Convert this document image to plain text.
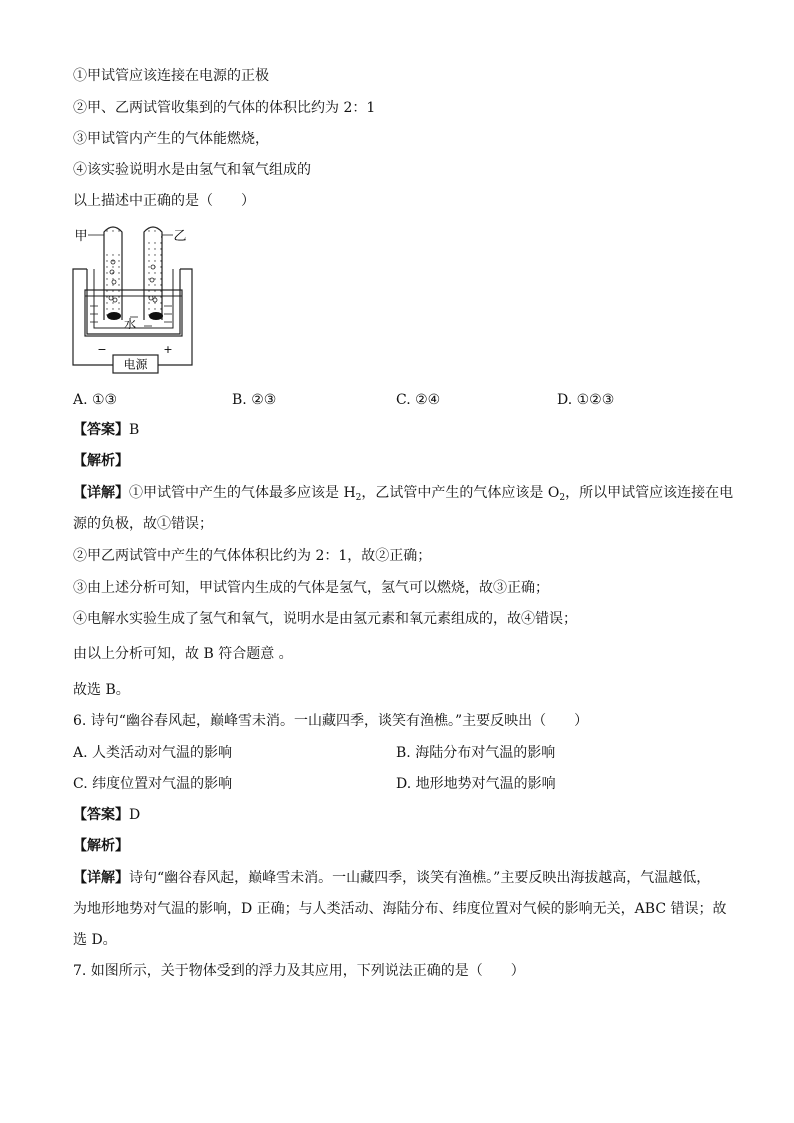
①甲试管应该连接在电源的正极
②甲、乙两试管收集到的气体的体积比约为 2：1
③甲试管内产生的气体能燃烧，
④该实验说明水是由氢气和氧气组成的
以上描述中正确的是（　　）
电源
−	+
水
甲	乙
A. ①③	B. ②③	C. ②④	D. ①②③
【答案】B
【解析】
【详解】①甲试管中产生的气体最多应该是 $H_2$，乙试管中产生的气体应该是 $O_2$，所以甲试管应该连接在电
源的负极，故①错误；
②甲乙两试管中产生的气体体积比约为 2：1，故②正确；
③由上述分析可知，甲试管内生成的气体是氢气，氢气可以燃烧，故③正确；
④电解水实验生成了氢气和氧气，说明水是由氢元素和氧元素组成的，故④错误；
由以上分析可知，故 B 符合题意 。
故选 B。
6. 诗句“幽谷春风起，巅峰雪未消。一山藏四季，谈笑有渔樵。”主要反映出（　　）
A. 人类活动对气温的影响	B. 海陆分布对气温的影响
C. 纬度位置对气温的影响	D. 地形地势对气温的影响
【答案】D
【解析】
【详解】诗句“幽谷春风起，巅峰雪未消。一山藏四季，谈笑有渔樵。”主要反映出海拔越高，气温越低，
为地形地势对气温的影响，D 正确；与人类活动、海陆分布、纬度位置对气候的影响无关，ABC 错误；故
选 D。
7. 如图所示，关于物体受到的浮力及其应用，下列说法正确的是（　　）
